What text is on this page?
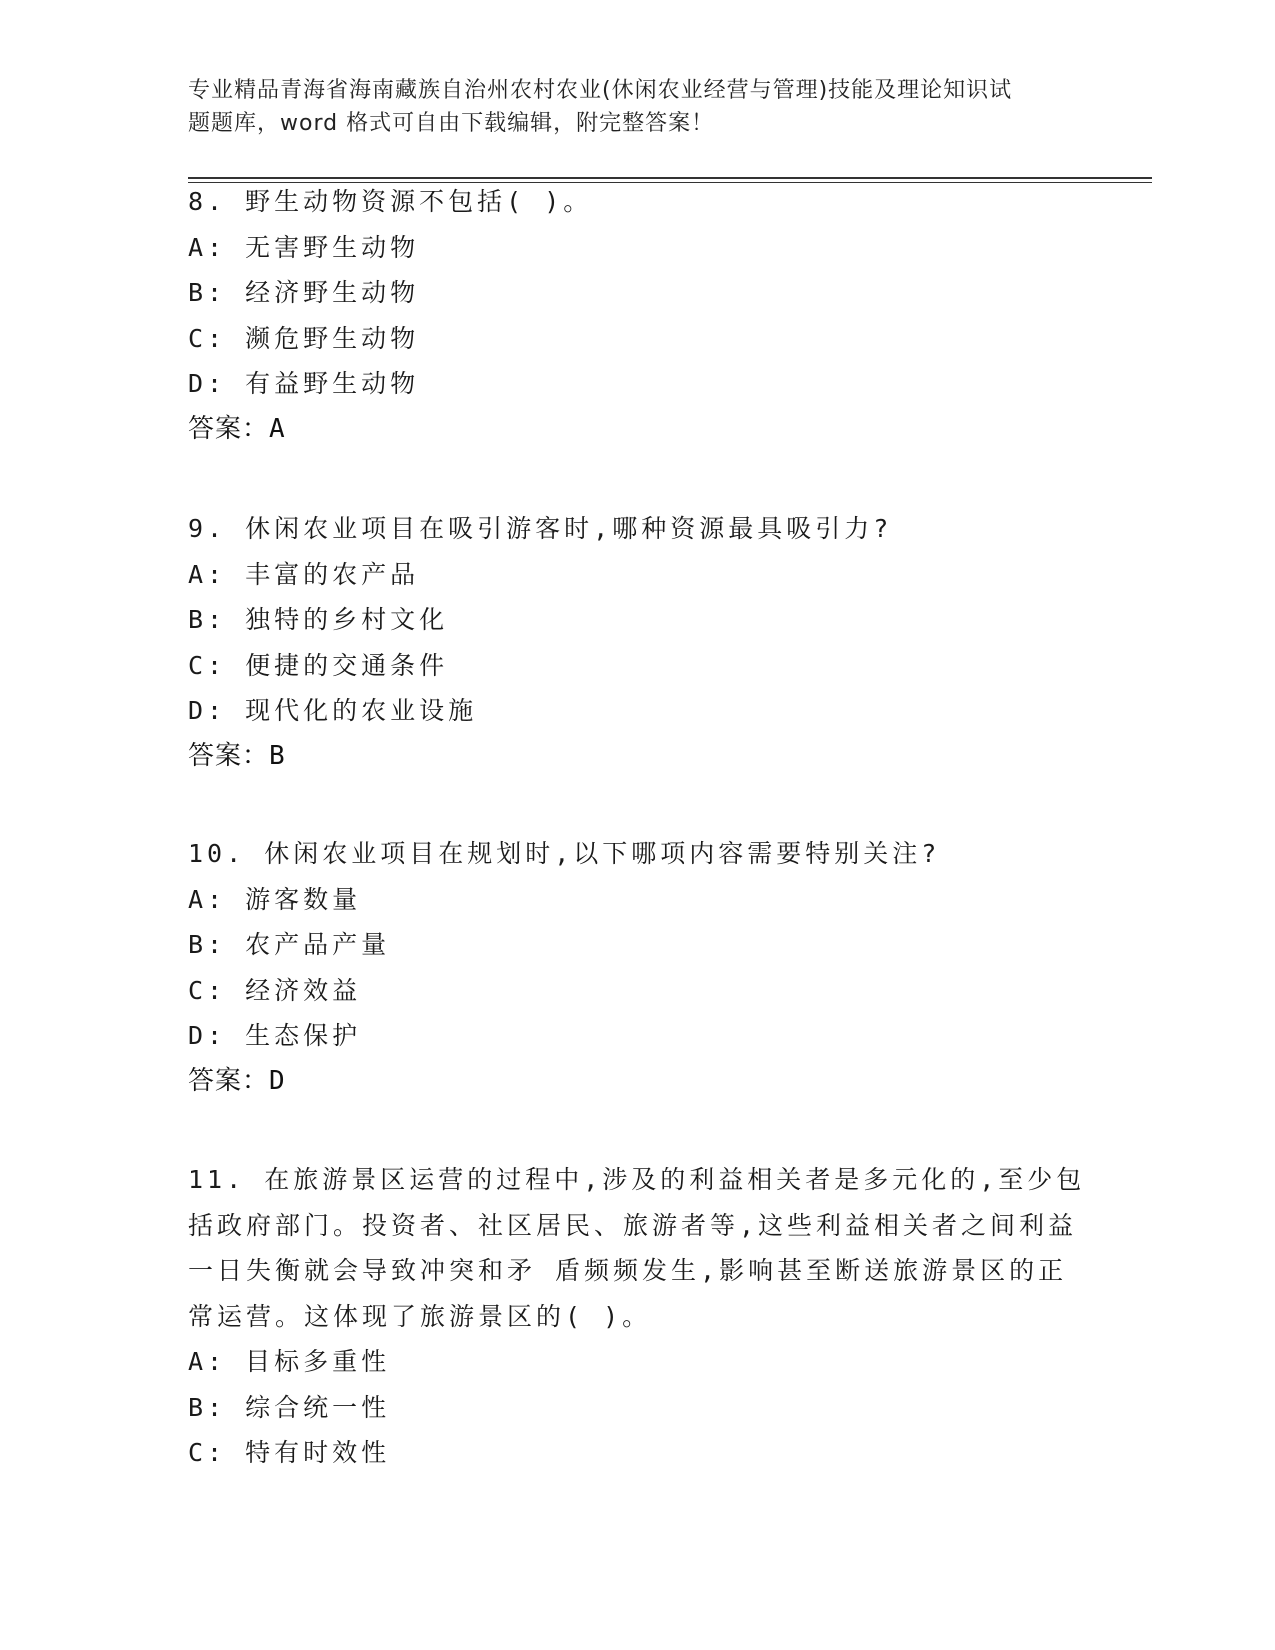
专业精品青海省海南藏族自治州农村农业(休闲农业经营与管理)技能及理论知识试
题题库，word 格式可自由下载编辑，附完整答案！
8. 野生动物资源不包括( )。
A: 无害野生动物
B: 经济野生动物
C: 濒危野生动物
D: 有益野生动物
答案：A
9. 休闲农业项目在吸引游客时,哪种资源最具吸引力?
A: 丰富的农产品
B: 独特的乡村文化
C: 便捷的交通条件
D: 现代化的农业设施
答案：B
10. 休闲农业项目在规划时,以下哪项内容需要特别关注?
A: 游客数量
B: 农产品产量
C: 经济效益
D: 生态保护
答案：D
11. 在旅游景区运营的过程中,涉及的利益相关者是多元化的,至少包
括政府部门。投资者、社区居民、旅游者等,这些利益相关者之间利益
一日失衡就会导致冲突和矛 盾频频发生,影响甚至断送旅游景区的正
常运营。这体现了旅游景区的( )。
A: 目标多重性
B: 综合统一性
C: 特有时效性
